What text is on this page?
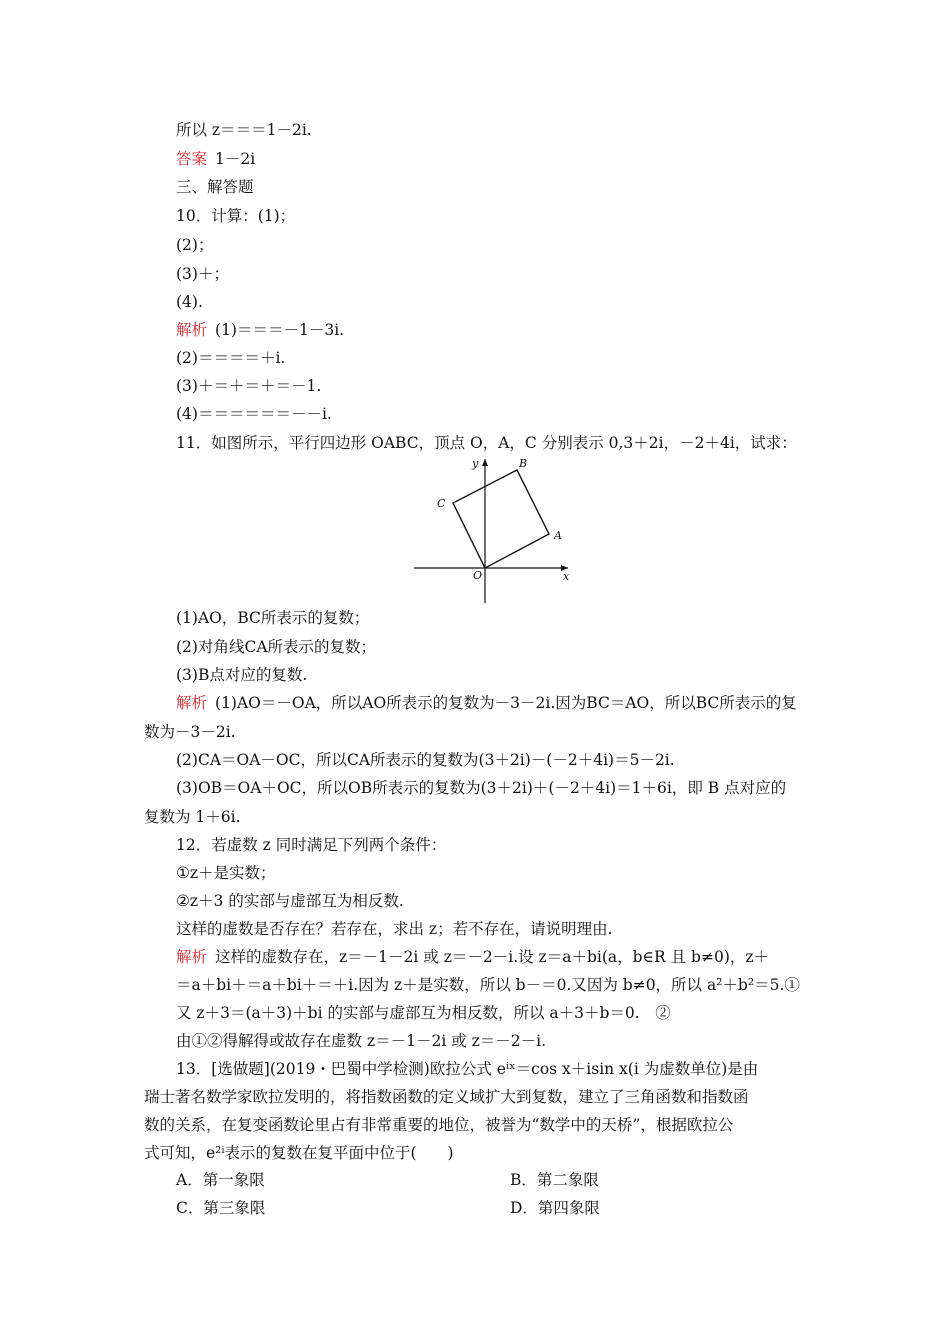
所以 z＝＝＝1－2i.
答案 1－2i
三、解答题
10．计算：(1)；
(2)；
(3)＋；
(4).
解析 (1)＝＝＝－1－3i.
(2)＝＝＝＝＋i.
(3)＋＝＋＝＋＝－1.
(4)＝＝＝＝＝＝－－i.
11．如图所示，平行四边形 OABC，顶点 O，A，C 分别表示 0,3＋2i，－2＋4i，试求：
y
x
O
A
B
C
(1)AO，BC所表示的复数；
(2)对角线CA所表示的复数；
(3)B点对应的复数.
解析 (1)AO＝－OA，所以AO所表示的复数为－3－2i.因为BC＝AO，所以BC所表示的复
数为－3－2i.
(2)CA＝OA－OC，所以CA所表示的复数为(3＋2i)－(－2＋4i)＝5－2i.
(3)OB＝OA＋OC，所以OB所表示的复数为(3＋2i)＋(－2＋4i)＝1＋6i，即 B 点对应的
复数为 1＋6i.
12．若虚数 z 同时满足下列两个条件：
①z＋是实数；
②z＋3 的实部与虚部互为相反数.
这样的虚数是否存在？若存在，求出 z；若不存在，请说明理由.
解析 这样的虚数存在，z＝－1－2i 或 z＝－2－i.设 z＝a＋bi(a，b∈R 且 b≠0)，z＋
＝a＋bi＋＝a＋bi＋＝＋i.因为 z＋是实数，所以 b－＝0.又因为 b≠0，所以 a²＋b²＝5.①
又 z＋3＝(a＋3)＋bi 的实部与虚部互为相反数，所以 a＋3＋b＝0.　②
由①②得解得或故存在虚数 z＝－1－2i 或 z＝－2－i.
13．[选做题](2019・巴蜀中学检测)欧拉公式 eⁱˣ＝cos x＋isin x(i 为虚数单位)是由
瑞士著名数学家欧拉发明的，将指数函数的定义域扩大到复数，建立了三角函数和指数函
数的关系，在复变函数论里占有非常重要的地位，被誉为“数学中的天桥”，根据欧拉公
式可知，e²ⁱ表示的复数在复平面中位于(　　)
A．第一象限	B．第二象限
C．第三象限	D．第四象限
